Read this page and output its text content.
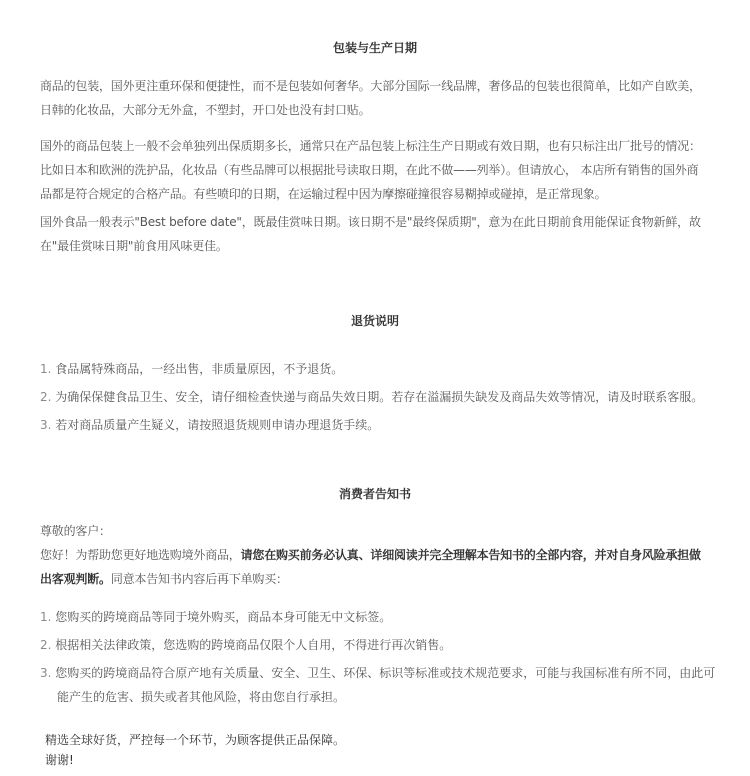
包装与生产日期
商品的包装，国外更注重环保和便捷性，而不是包装如何奢华。大部分国际一线品牌，奢侈品的包装也很简单，比如产自欧美，
日韩的化妆品，大部分无外盒，不塑封，开口处也没有封口贴。
国外的商品包装上一般不会单独列出保质期多长，通常只在产品包装上标注生产日期或有效日期，也有只标注出厂批号的情况：
比如日本和欧洲的洗护品，化妆品（有些品牌可以根据批号读取日期，在此不做——列举）。但请放心， 本店所有销售的国外商
品都是符合规定的合格产品。有些喷印的日期，在运输过程中因为摩擦碰撞很容易糊掉或碰掉，是正常现象。
国外食品一般表示"Best before date"，既最佳赏味日期。该日期不是"最终保质期"，意为在此日期前食用能保证食物新鲜，故
在"最佳赏味日期"前食用风味更佳。
退货说明
1. 食品属特殊商品，一经出售，非质量原因，不予退货。
2. 为确保保健食品卫生、安全，请仔细检查快递与商品失效日期。若存在溢漏损失缺发及商品失效等情况，请及时联系客服。
3. 若对商品质量产生疑义，请按照退货规则申请办理退货手续。
消费者告知书
尊敬的客户：
您好！为帮助您更好地选购境外商品，请您在购买前务必认真、详细阅读并完全理解本告知书的全部内容，并对自身风险承担做
出客观判断。同意本告知书内容后再下单购买：
1. 您购买的跨境商品等同于境外购买，商品本身可能无中文标签。
2. 根据相关法律政策，您选购的跨境商品仅限个人自用，不得进行再次销售。
3. 您购买的跨境商品符合原产地有关质量、安全、卫生、环保、标识等标准或技术规范要求，可能与我国标准有所不同，由此可
能产生的危害、损失或者其他风险，将由您自行承担。
精选全球好货，严控每一个环节，为顾客提供正品保障。
谢谢!
